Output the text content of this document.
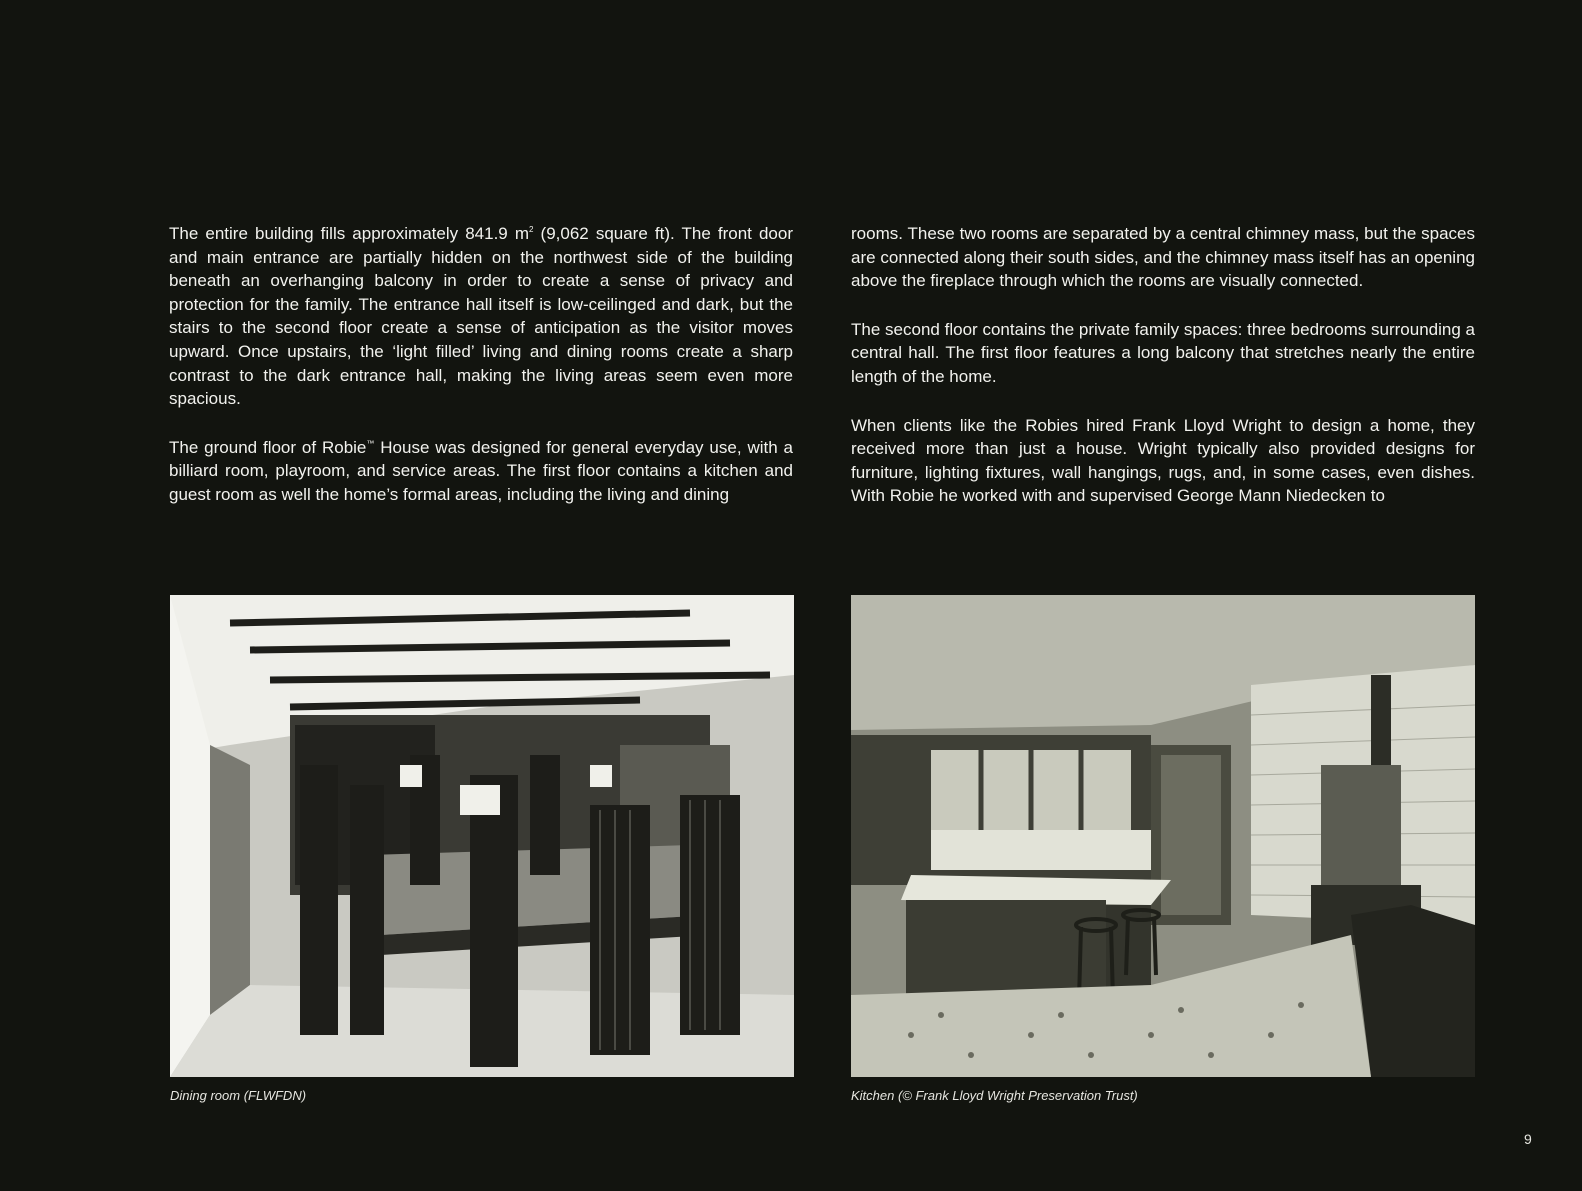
The entire building fills approximately 841.9 $m^2$ (9,062 square ft). The front door and main entrance are partially hidden on the northwest side of the building beneath an overhanging balcony in order to create a sense of privacy and protection for the family. The entrance hall itself is low-ceilinged and dark, but the stairs to the second floor create a sense of anticipation as the visitor moves upward. Once upstairs, the ‘light filled’ living and dining rooms create a sharp contrast to the dark entrance hall, making the living areas seem even more spacious.

The ground floor of Robie™ House was designed for general everyday use, with a billiard room, playroom, and service areas. The first floor contains a kitchen and guest room as well the home’s formal areas, including the living and dining

rooms. These two rooms are separated by a central chimney mass, but the spaces are connected along their south sides, and the chimney mass itself has an opening above the fireplace through which the rooms are visually connected.

The second floor contains the private family spaces: three bedrooms surrounding a central hall. The first floor features a long balcony that stretches nearly the entire length of the home.

When clients like the Robies hired Frank Lloyd Wright to design a home, they received more than just a house. Wright typically also provided designs for furniture, lighting fixtures, wall hangings, rugs, and, in some cases, even dishes. With Robie he worked with and supervised George Mann Niedecken to

Dining room (FLWFDN)	Kitchen (© Frank Lloyd Wright Preservation Trust)
9
